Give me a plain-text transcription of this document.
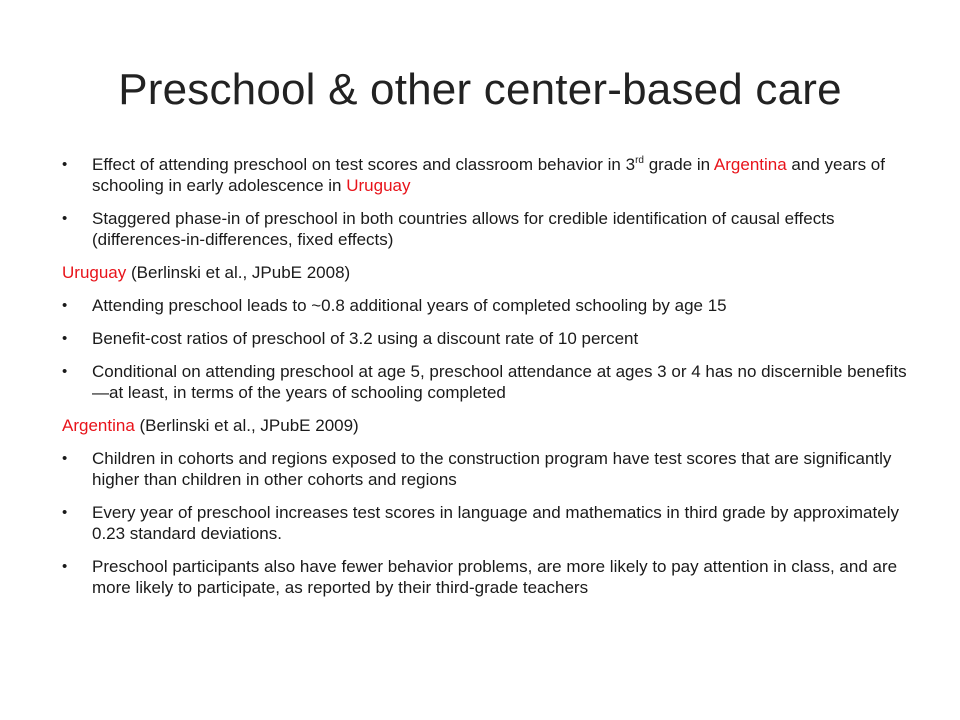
Preschool & other center-based care
• Effect of attending preschool on test scores and classroom behavior in 3rd grade in Argentina and years of schooling in early adolescence in Uruguay
• Staggered phase-in of preschool in both countries allows for credible identification of causal effects (differences-in-differences, fixed effects)
Uruguay (Berlinski et al., JPubE 2008)
• Attending preschool leads to ~0.8 additional years of completed schooling by age 15
• Benefit-cost ratios of preschool of 3.2 using a discount rate of 10 percent
• Conditional on attending preschool at age 5, preschool attendance at ages 3 or 4 has no discernible benefits—at least, in terms of the years of schooling completed
Argentina (Berlinski et al., JPubE 2009)
• Children in cohorts and regions exposed to the construction program have test scores that are significantly higher than children in other cohorts and regions
• Every year of preschool increases test scores in language and mathematics in third grade by approximately 0.23 standard deviations.
• Preschool participants also have fewer behavior problems, are more likely to pay attention in class, and are more likely to participate, as reported by their third-grade teachers
